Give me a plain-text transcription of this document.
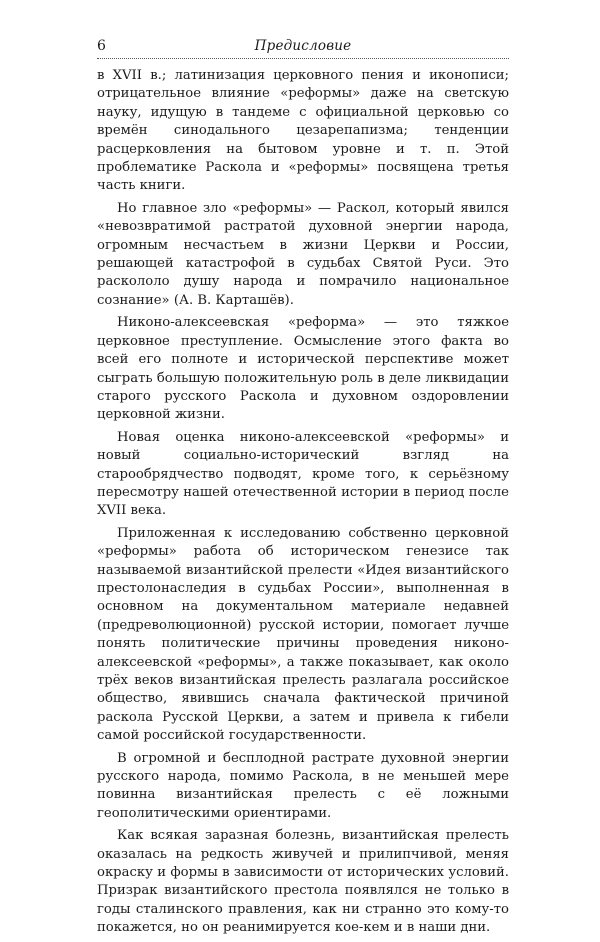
6	Предисловие

в XVII в.; латинизация церковного пения и иконописи; отрицательное влияние «реформы» даже на светскую науку, идущую в тандеме с официальной церковью со времён синодального цезарепапизма; тенденции расцерковления на бытовом уровне и т. п. Этой проблематике Раскола и «реформы» посвящена третья часть книги.

Но главное зло «реформы» — Раскол, который явился «невозвратимой растратой духовной энергии народа, огромным несчастьем в жизни Церкви и России, решающей катастрофой в судьбах Святой Руси. Это раскололо душу народа и помрачило национальное сознание» (А. В. Карташёв).

Никоно-алексеевская «реформа» — это тяжкое церковное преступление. Осмысление этого факта во всей его полноте и исторической перспективе может сыграть большую положительную роль в деле ликвидации старого русского Раскола и духовном оздоровлении церковной жизни.

Новая оценка никоно-алексеевской «реформы» и новый социально-исторический взгляд на старообрядчество подводят, кроме того, к серьёзному пересмотру нашей отечественной истории в период после XVII века.

Приложенная к исследованию собственно церковной «реформы» работа об историческом генезисе так называемой византийской прелести «Идея византийского престолонаследия в судьбах России», выполненная в основном на документальном материале недавней (предреволюционной) русской истории, помогает лучше понять политические причины проведения никоно-алексеевской «реформы», а также показывает, как около трёх веков византийская прелесть разлагала российское общество, явившись сначала фактической причиной раскола Русской Церкви, а затем и привела к гибели самой российской государственности.

В огромной и бесплодной растрате духовной энергии русского народа, помимо Раскола, в не меньшей мере повинна византийская прелесть с её ложными геополитическими ориентирами.

Как всякая заразная болезнь, византийская прелесть оказалась на редкость живучей и прилипчивой, меняя окраску и формы в зависимости от исторических условий. Призрак византийского престола появлялся не только в годы сталинского правления, как ни странно это кому-то покажется, но он реанимируется кое-кем и в наши дни.
